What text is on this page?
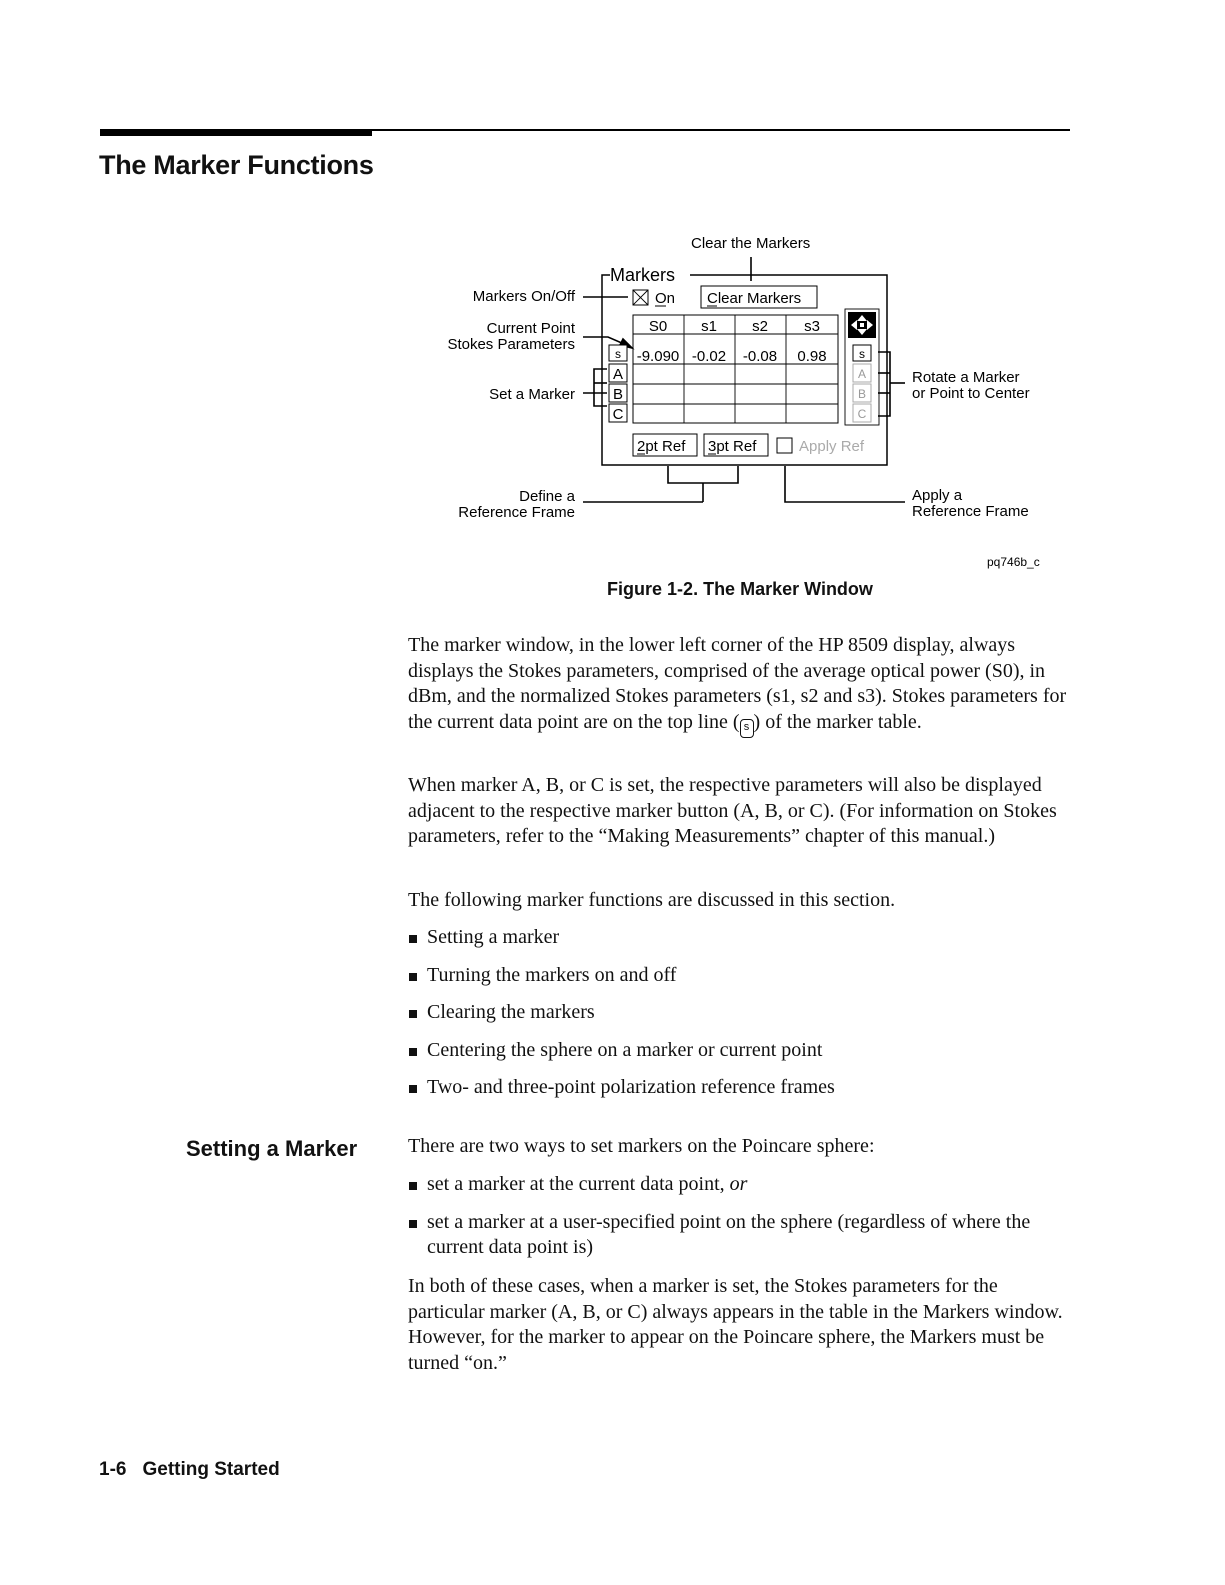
The Marker Functions
Clear the Markers
Markers On/Off
Current Point
Stokes Parameters
Set a Marker
Define a
Reference Frame
Rotate a Marker
or Point to Center
Apply a
Reference Frame
pq746b_c
Markers
On Clear Markers
S0 s1 s2 s3
-9.090 -0.02 -0.08 0.98
s
A
B
C
s
A
B
C
2pt Ref 3pt Ref	Apply Ref
Figure 1-2. The Marker Window
The marker window, in the lower left corner of the HP 8509 display, always displays the Stokes parameters, comprised of the average optical power (S0), in dBm, and the normalized Stokes parameters (s1, s2 and s3). Stokes parameters for the current data point are on the top line ( s ) of the marker table.
When marker A, B, or C is set, the respective parameters will also be displayed adjacent to the respective marker button (A, B, or C). (For information on Stokes parameters, refer to the “Making Measurements” chapter of this manual.)
The following marker functions are discussed in this section.
Setting a marker
Turning the markers on and off
Clearing the markers
Centering the sphere on a marker or current point
Two- and three-point polarization reference frames
Setting a Marker	There are two ways to set markers on the Poincare sphere:
set a marker at the current data point, or
set a marker at a user-specified point on the sphere (regardless of where the current data point is)
In both of these cases, when a marker is set, the Stokes parameters for the particular marker (A, B, or C) always appears in the table in the Markers window. However, for the marker to appear on the Poincare sphere, the Markers must be turned “on.”
1-6 Getting Started
